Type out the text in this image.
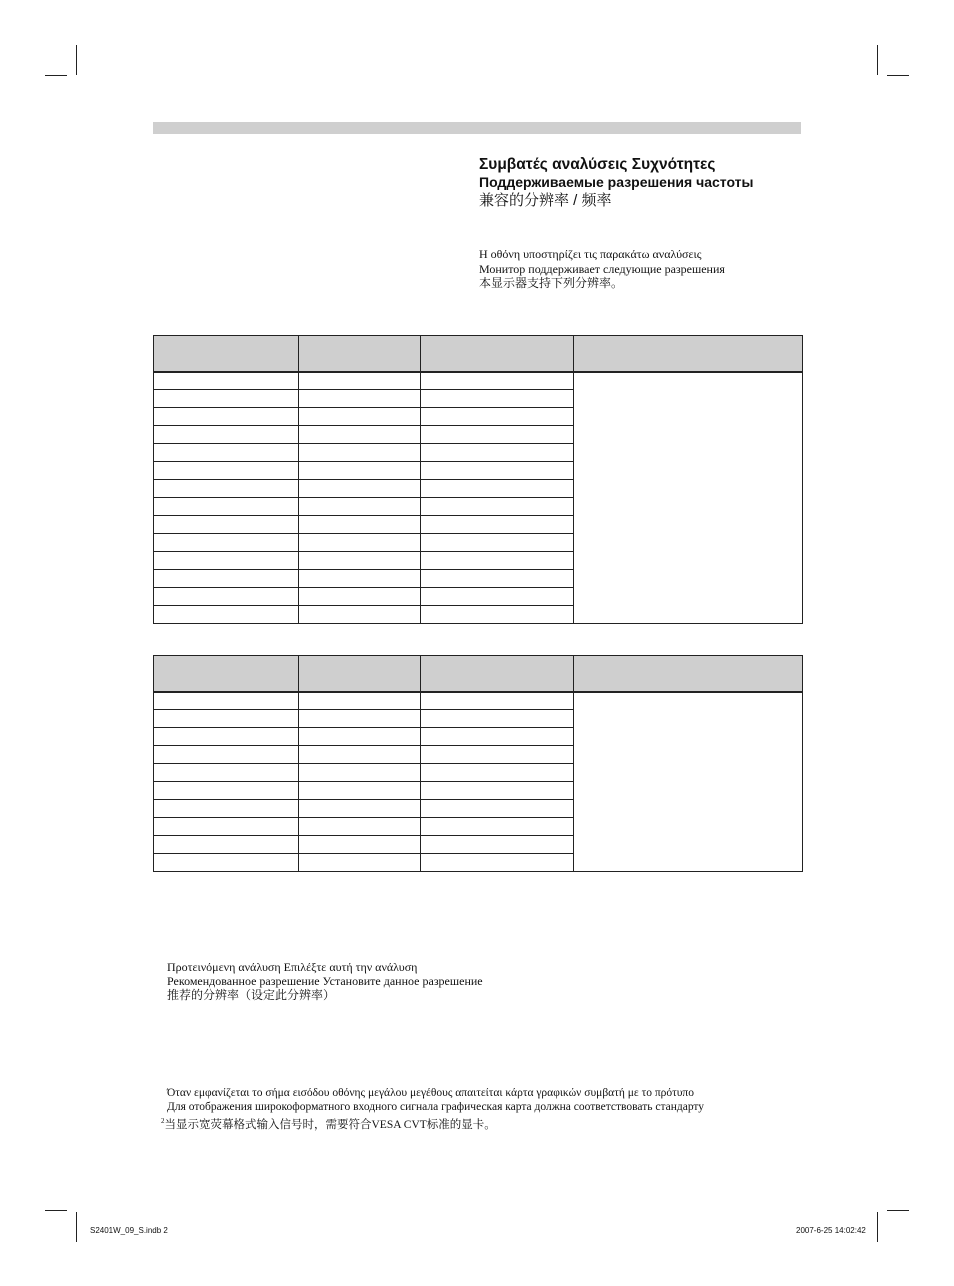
Συμβατές αναλύσεις Συχνότητες
Поддерживаемые разрешения частоты
兼容的分辨率 / 频率
Η οθόνη υποστηρίζει τις παρακάτω αναλύσεις
Монитор поддерживает следующие разрешения
本显示器支持下列分辨率。

Προτεινόμενη ανάλυση Επιλέξτε αυτή την ανάλυση
Рекомендованное разрешение Установите данное разрешение
推荐的分辨率（设定此分辨率）
Όταν εμφανίζεται το σήμα εισόδου οθόνης μεγάλου μεγέθους απαιτείται κάρτα γραφικών συμβατή με το πρότυπο
Для отображения широкоформатного входного сигнала графическая карта должна соответствовать стандарту
$^2$当显示宽荧幕格式输入信号时，需要符合VESA CVT标准的显卡。
S2401W_09_S.indb 2	2007-6-25 14:02:42
